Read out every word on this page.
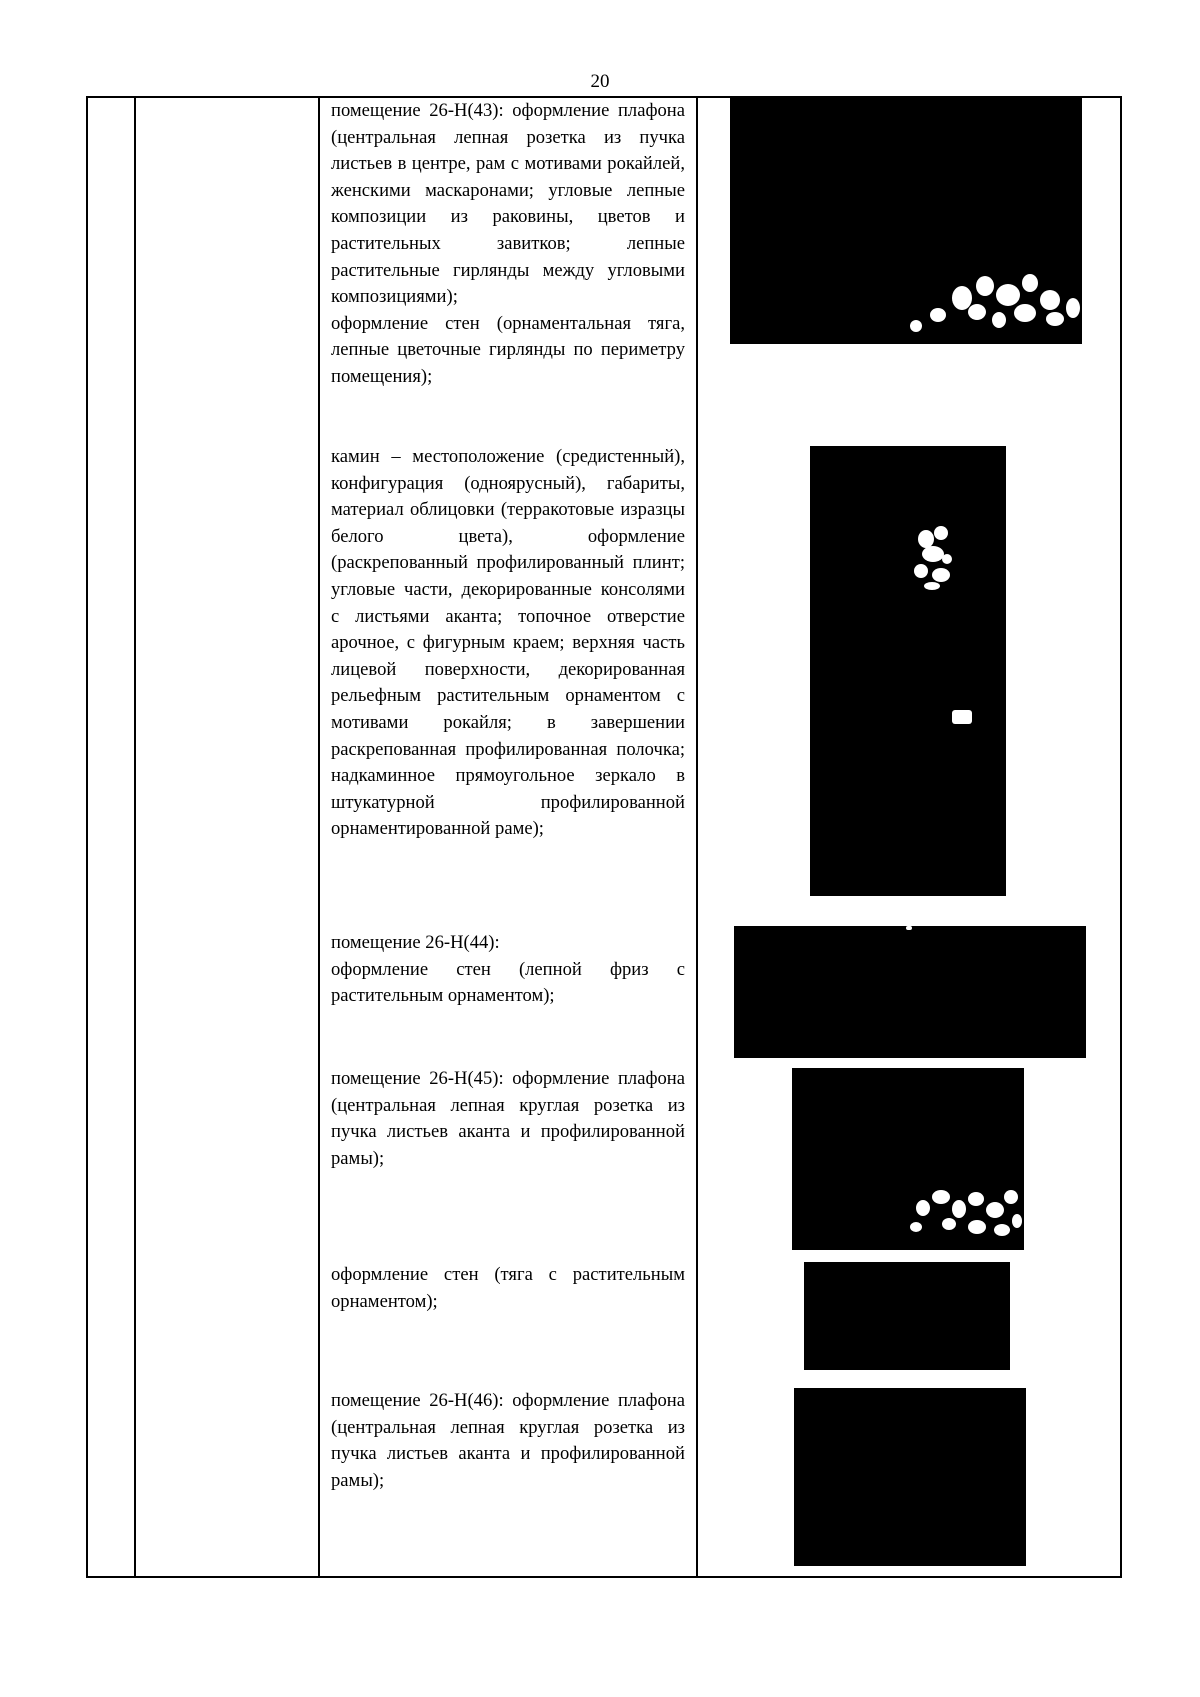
20

помещение 26-Н(43): оформление плафона (центральная лепная розетка из пучка листьев в центре, рам с мотивами рокайлей, женскими маскаронами; угловые лепные композиции из раковины, цветов и растительных завитков; лепные растительные гирлянды между угловыми композициями);

оформление стен (орнаментальная тяга, лепные цветочные гирлянды по периметру помещения);

камин – местоположение (средистенный), конфигурация (одноярусный), габариты, материал облицовки (терракотовые изразцы белого цвета), оформление (раскрепованный профилированный плинт; угловые части, декорированные консолями с листьями аканта; топочное отверстие арочное, с фигурным краем; верхняя часть лицевой поверхности, декорированная рельефным растительным орнаментом с мотивами рокайля; в завершении раскрепованная профилированная полочка; надкаминное прямоугольное зеркало в штукатурной профилированной орнаментированной раме);

помещение 26-Н(44):

оформление стен (лепной фриз с растительным орнаментом);

помещение 26-Н(45): оформление плафона (центральная лепная круглая розетка из пучка листьев аканта и профилированной рамы);

оформление стен (тяга с растительным орнаментом);

помещение 26-Н(46): оформление плафона (центральная лепная круглая розетка из пучка листьев аканта и профилированной рамы);
